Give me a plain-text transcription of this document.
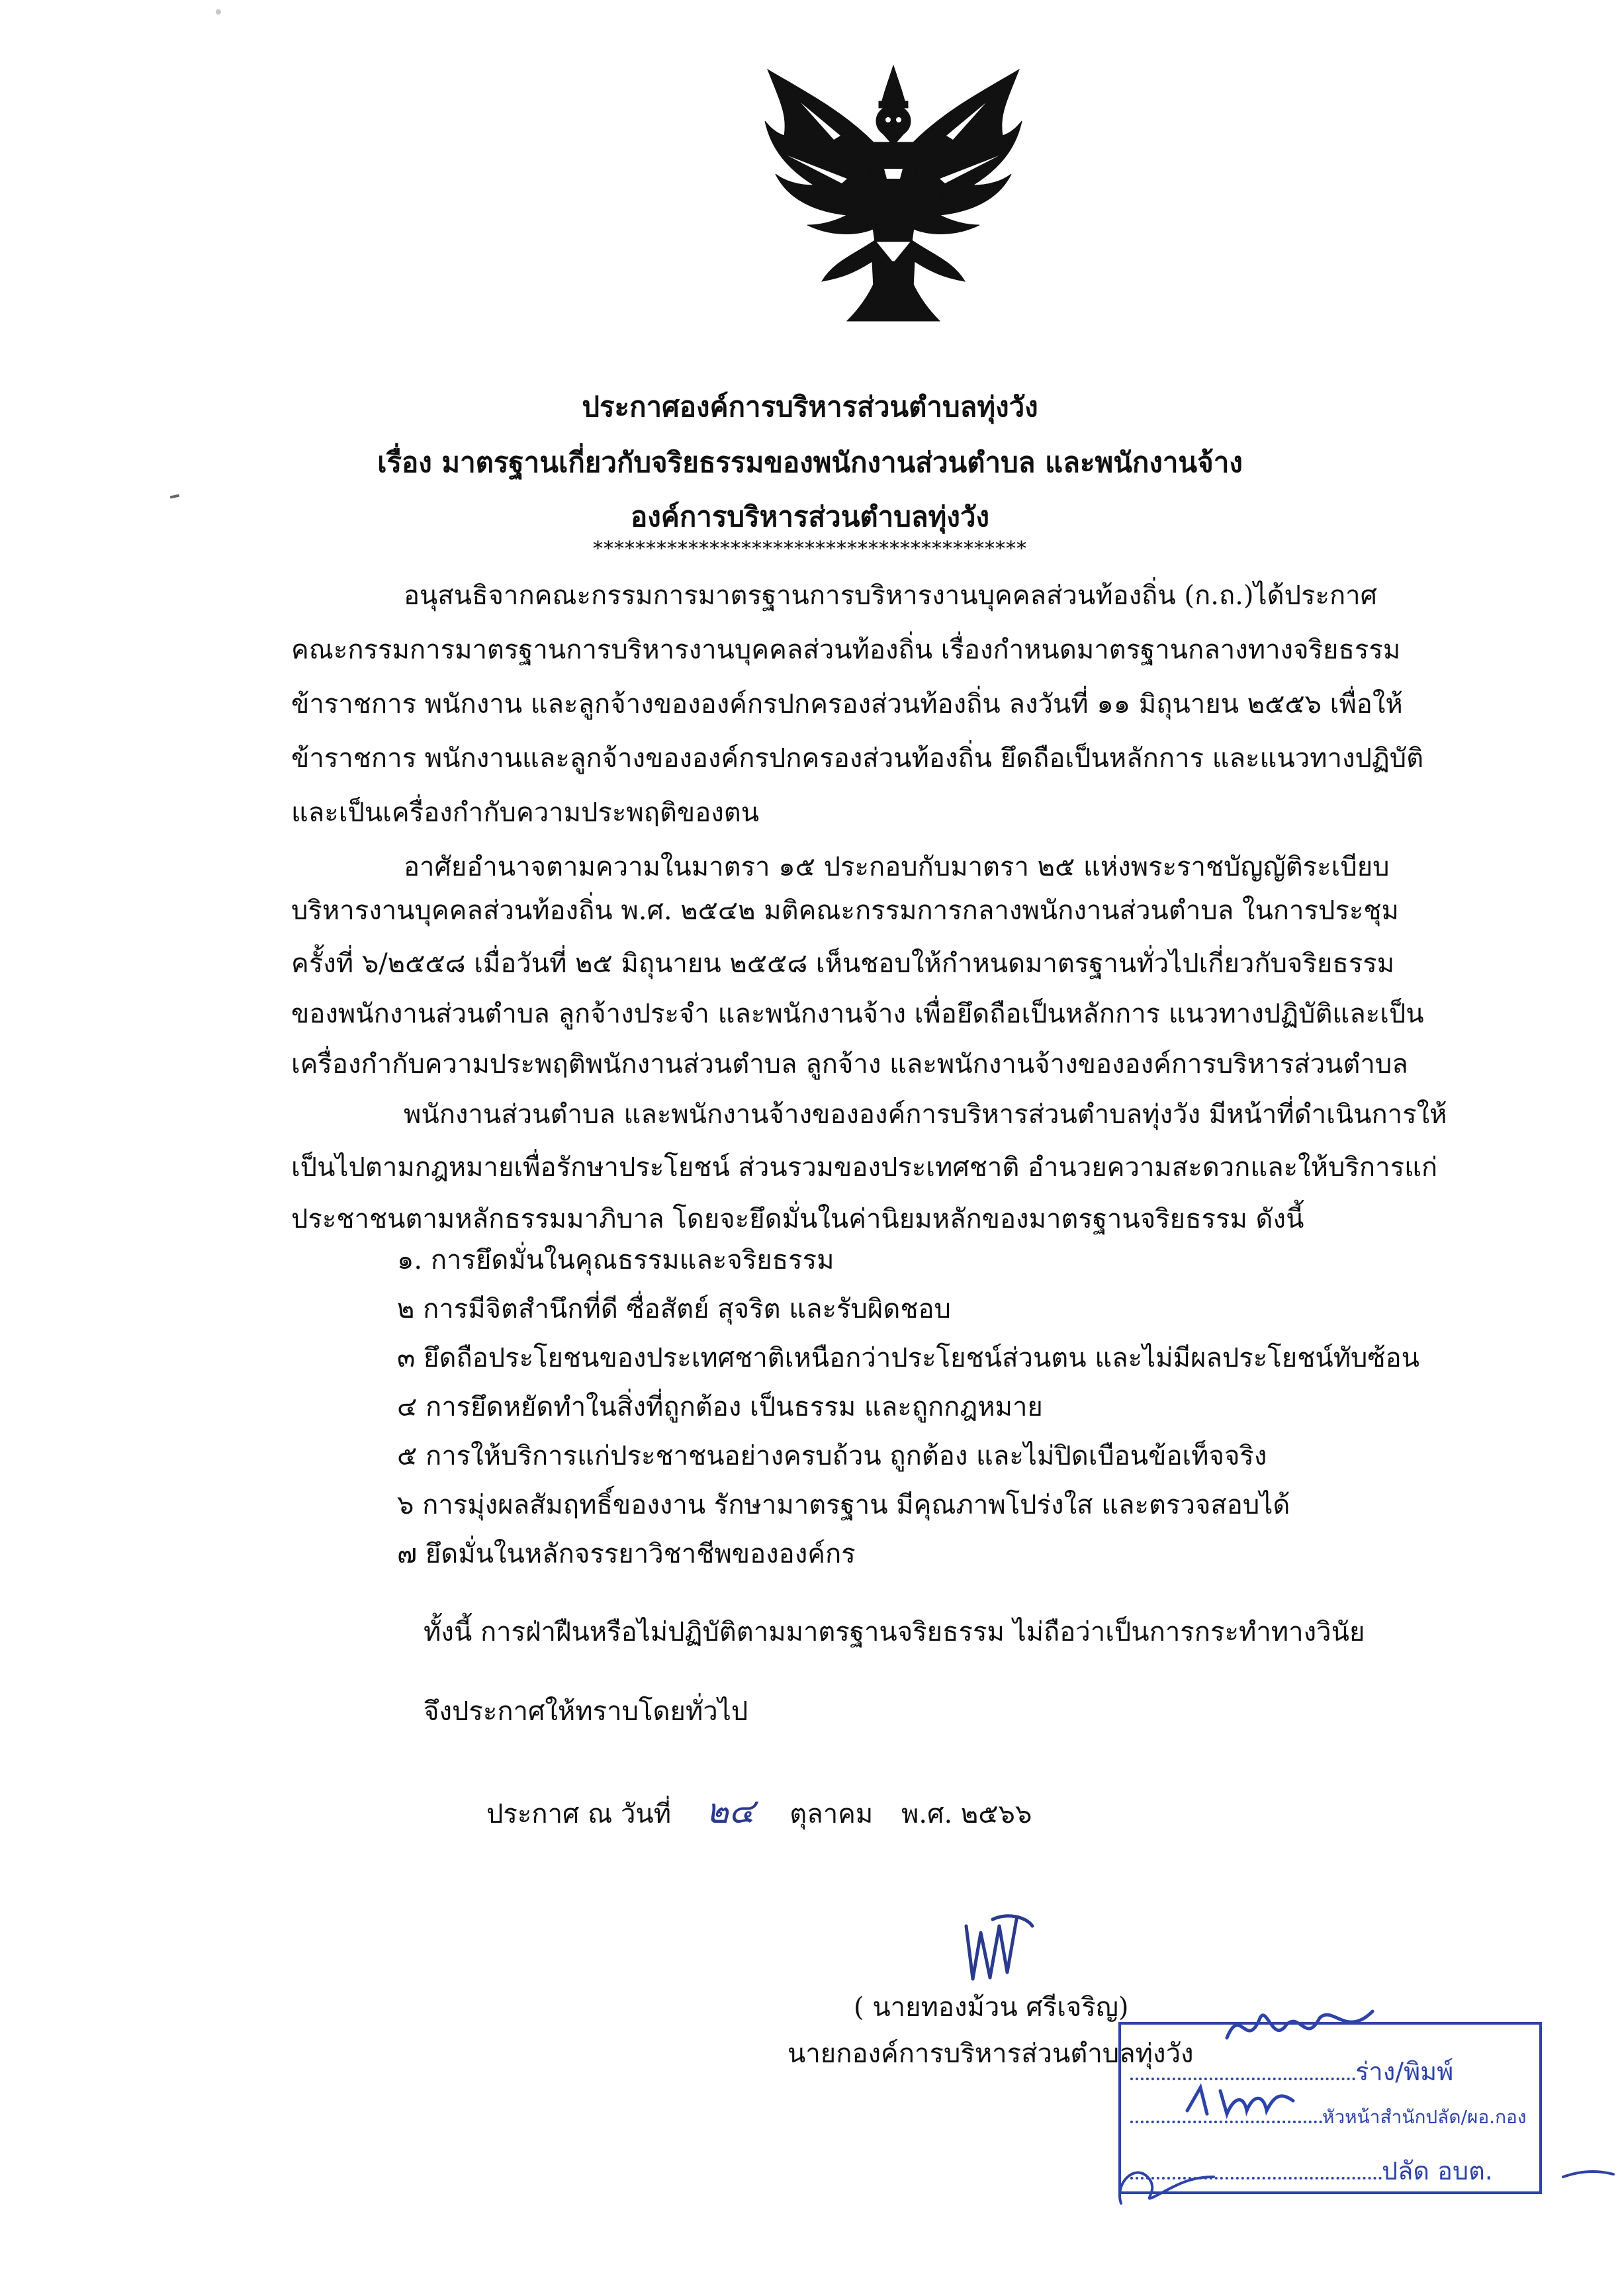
ประกาศองค์การบริหารส่วนตำบลทุ่งวัง
เรื่อง มาตรฐานเกี่ยวกับจริยธรรมของพนักงานส่วนตำบล และพนักงานจ้าง
องค์การบริหารส่วนตำบลทุ่งวัง
*****************************************
อนุสนธิจากคณะกรรมการมาตรฐานการบริหารงานบุคคลส่วนท้องถิ่น (ก.ถ.)ได้ประกาศ
คณะกรรมการมาตรฐานการบริหารงานบุคคลส่วนท้องถิ่น เรื่องกำหนดมาตรฐานกลางทางจริยธรรม
ข้าราชการ พนักงาน และลูกจ้างขององค์กรปกครองส่วนท้องถิ่น ลงวันที่ ๑๑ มิถุนายน ๒๕๕๖ เพื่อให้
ข้าราชการ พนักงานและลูกจ้างขององค์กรปกครองส่วนท้องถิ่น ยึดถือเป็นหลักการ และแนวทางปฏิบัติ
และเป็นเครื่องกำกับความประพฤติของตน
อาศัยอำนาจตามความในมาตรา ๑๕ ประกอบกับมาตรา ๒๕ แห่งพระราชบัญญัติระเบียบ
บริหารงานบุคคลส่วนท้องถิ่น พ.ศ. ๒๕๔๒ มติคณะกรรมการกลางพนักงานส่วนตำบล ในการประชุม
ครั้งที่ ๖/๒๕๕๘ เมื่อวันที่ ๒๕ มิถุนายน ๒๕๕๘ เห็นชอบให้กำหนดมาตรฐานทั่วไปเกี่ยวกับจริยธรรม
ของพนักงานส่วนตำบล ลูกจ้างประจำ และพนักงานจ้าง เพื่อยึดถือเป็นหลักการ แนวทางปฏิบัติและเป็น
เครื่องกำกับความประพฤติพนักงานส่วนตำบล ลูกจ้าง และพนักงานจ้างขององค์การบริหารส่วนตำบล
พนักงานส่วนตำบล และพนักงานจ้างขององค์การบริหารส่วนตำบลทุ่งวัง มีหน้าที่ดำเนินการให้
เป็นไปตามกฎหมายเพื่อรักษาประโยชน์ ส่วนรวมของประเทศชาติ อำนวยความสะดวกและให้บริการแก่
ประชาชนตามหลักธรรมมาภิบาล โดยจะยึดมั่นในค่านิยมหลักของมาตรฐานจริยธรรม ดังนี้
๑. การยึดมั่นในคุณธรรมและจริยธรรม
๒ การมีจิตสำนึกที่ดี ซื่อสัตย์ สุจริต และรับผิดชอบ
๓ ยึดถือประโยชนของประเทศชาติเหนือกว่าประโยชน์ส่วนตน และไม่มีผลประโยชน์ทับซ้อน
๔ การยึดหยัดทำในสิ่งที่ถูกต้อง เป็นธรรม และถูกกฎหมาย
๕ การให้บริการแก่ประชาชนอย่างครบถ้วน ถูกต้อง และไม่ปิดเบือนข้อเท็จจริง
๖ การมุ่งผลสัมฤทธิ์ของงาน รักษามาตรฐาน มีคุณภาพโปร่งใส และตรวจสอบได้
๗ ยึดมั่นในหลักจรรยาวิชาชีพขององค์กร
ทั้งนี้ การฝ่าฝืนหรือไม่ปฏิบัติตามมาตรฐานจริยธรรม ไม่ถือว่าเป็นการกระทำทางวินัย
จึงประกาศให้ทราบโดยทั่วไป
ประกาศ ณ วันที่ ๒๔ ตุลาคม พ.ศ. ๒๕๖๖
( นายทองม้วน ศรีเจริญ)
นายกองค์การบริหารส่วนตำบลทุ่งวัง
ร่าง/พิมพ์
หัวหน้าสำนักปลัด/ผอ.กอง
ปลัด อบต.
